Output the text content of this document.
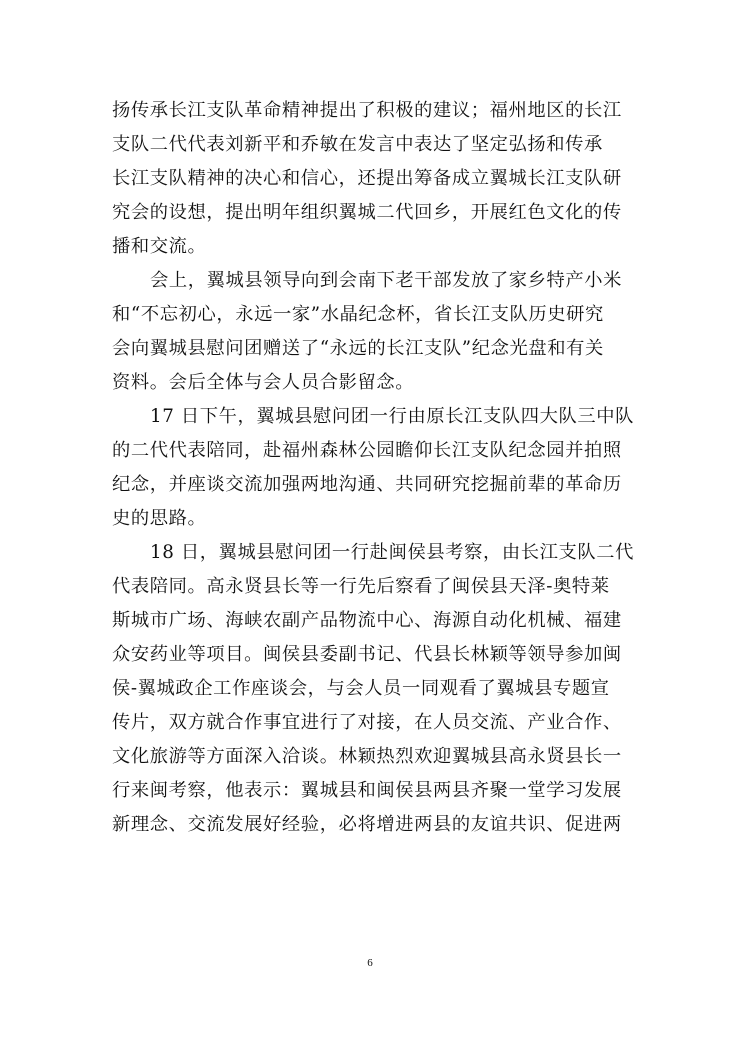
扬传承长江支队革命精神提出了积极的建议；福州地区的长江
支队二代代表刘新平和乔敏在发言中表达了坚定弘扬和传承
长江支队精神的决心和信心，还提出筹备成立翼城长江支队研
究会的设想，提出明年组织翼城二代回乡，开展红色文化的传
播和交流。
会上，翼城县领导向到会南下老干部发放了家乡特产小米
和“不忘初心，永远一家”水晶纪念杯，省长江支队历史研究
会向翼城县慰问团赠送了“永远的长江支队”纪念光盘和有关
资料。会后全体与会人员合影留念。
17 日下午，翼城县慰问团一行由原长江支队四大队三中队
的二代代表陪同，赴福州森林公园瞻仰长江支队纪念园并拍照
纪念，并座谈交流加强两地沟通、共同研究挖掘前辈的革命历
史的思路。
18 日，翼城县慰问团一行赴闽侯县考察，由长江支队二代
代表陪同。高永贤县长等一行先后察看了闽侯县天泽-奥特莱
斯城市广场、海峡农副产品物流中心、海源自动化机械、福建
众安药业等项目。闽侯县委副书记、代县长林颖等领导参加闽
侯-翼城政企工作座谈会，与会人员一同观看了翼城县专题宣
传片，双方就合作事宜进行了对接，在人员交流、产业合作、
文化旅游等方面深入洽谈。林颖热烈欢迎翼城县高永贤县长一
行来闽考察，他表示：翼城县和闽侯县两县齐聚一堂学习发展
新理念、交流发展好经验，必将增进两县的友谊共识、促进两
6
